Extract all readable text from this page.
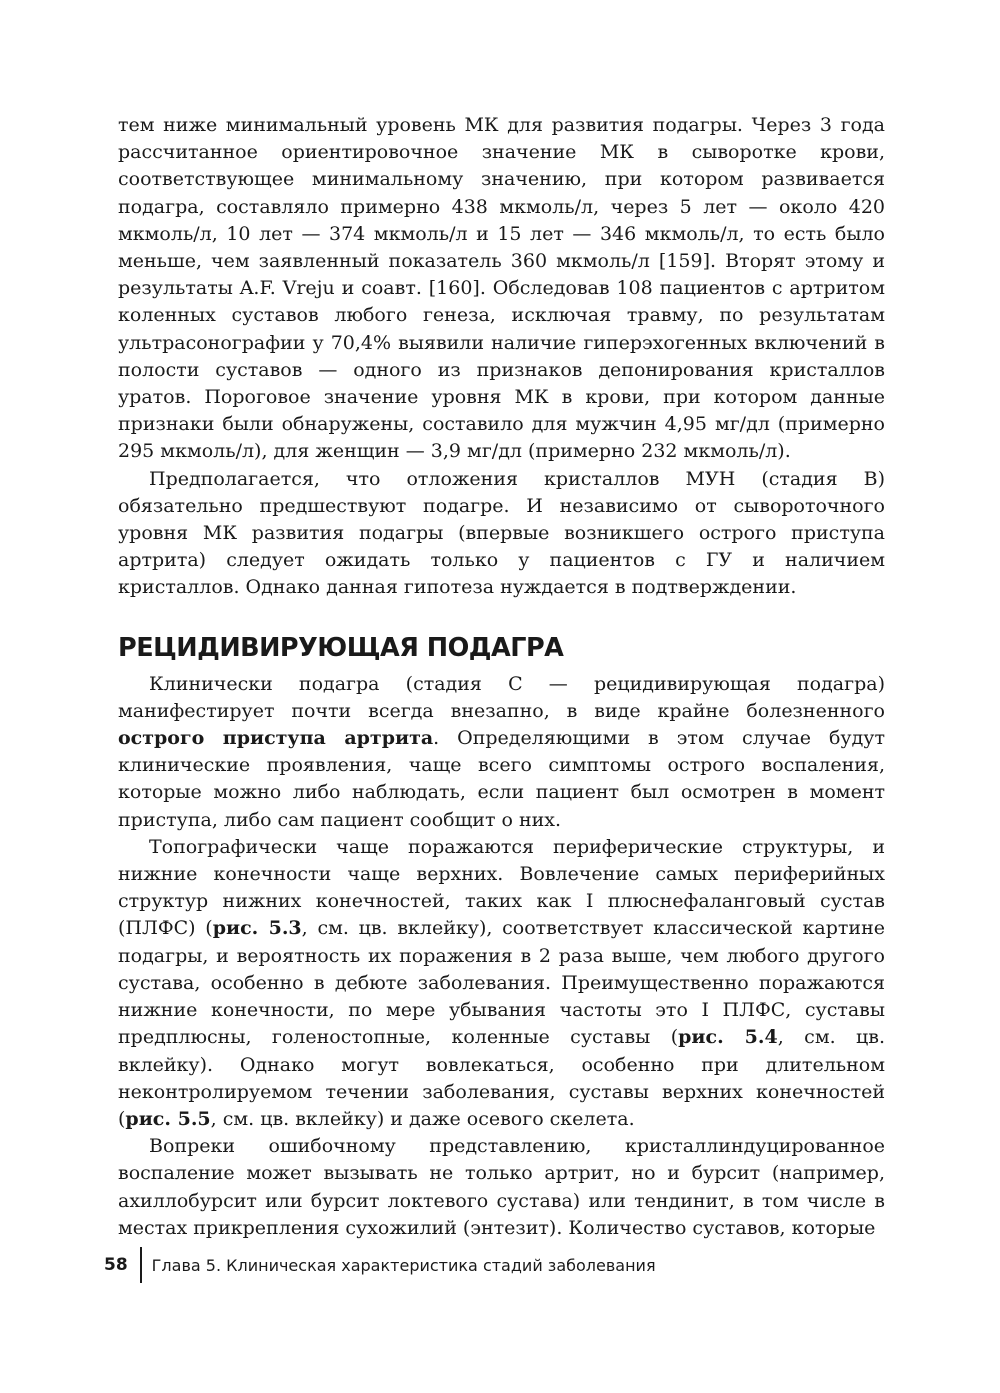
тем ниже минимальный уровень МК для развития подагры. Через 3 года рассчитанное ориентировочное значение МК в сыворотке крови, соответствующее минимальному значению, при котором развивается подагра, составляло примерно 438 мкмоль/л, через 5 лет — около 420 мкмоль/л, 10 лет — 374 мкмоль/л и 15 лет — 346 мкмоль/л, то есть было меньше, чем заявленный показатель 360 мкмоль/л [159]. Вторят этому и результаты A.F. Vreju и соавт. [160]. Обследовав 108 пациентов с артритом коленных суставов любого генеза, исключая травму, по результатам ультрасонографии у 70,4% выявили наличие гиперэхогенных включений в полости суставов — одного из признаков депонирования кристаллов уратов. Пороговое значение уровня МК в крови, при котором данные признаки были обнаружены, составило для мужчин 4,95 мг/дл (примерно 295 мкмоль/л), для женщин — 3,9 мг/дл (примерно 232 мкмоль/л).

Предполагается, что отложения кристаллов МУН (стадия B) обязательно предшествуют подагре. И независимо от сывороточного уровня МК развития подагры (впервые возникшего острого приступа артрита) следует ожидать только у пациентов с ГУ и наличием кристаллов. Однако данная гипотеза нуждается в подтверждении.

РЕЦИДИВИРУЮЩАЯ ПОДАГРА

Клинически подагра (стадия С — рецидивирующая подагра) манифестирует почти всегда внезапно, в виде крайне болезненного острого приступа артрита. Определяющими в этом случае будут клинические проявления, чаще всего симптомы острого воспаления, которые можно либо наблюдать, если пациент был осмотрен в момент приступа, либо сам пациент сообщит о них.

Топографически чаще поражаются периферические структуры, и нижние конечности чаще верхних. Вовлечение самых периферийных структур нижних конечностей, таких как I плюснефаланговый сустав (ПЛФС) (рис. 5.3, см. цв. вклейку), соответствует классической картине подагры, и вероятность их поражения в 2 раза выше, чем любого другого сустава, особенно в дебюте заболевания. Преимущественно поражаются нижние конечности, по мере убывания частоты это I ПЛФС, суставы предплюсны, голеностопные, коленные суставы (рис. 5.4, см. цв. вклейку). Однако могут вовлекаться, особенно при длительном неконтролируемом течении заболевания, суставы верхних конечностей (рис. 5.5, см. цв. вклейку) и даже осевого скелета.

Вопреки ошибочному представлению, кристаллиндуцированное воспаление может вызывать не только артрит, но и бурсит (например, ахиллобурсит или бурсит локтевого сустава) или тендинит, в том числе в местах прикрепления сухожилий (энтезит). Количество суставов, которые

58 Глава 5. Клиническая характеристика стадий заболевания
